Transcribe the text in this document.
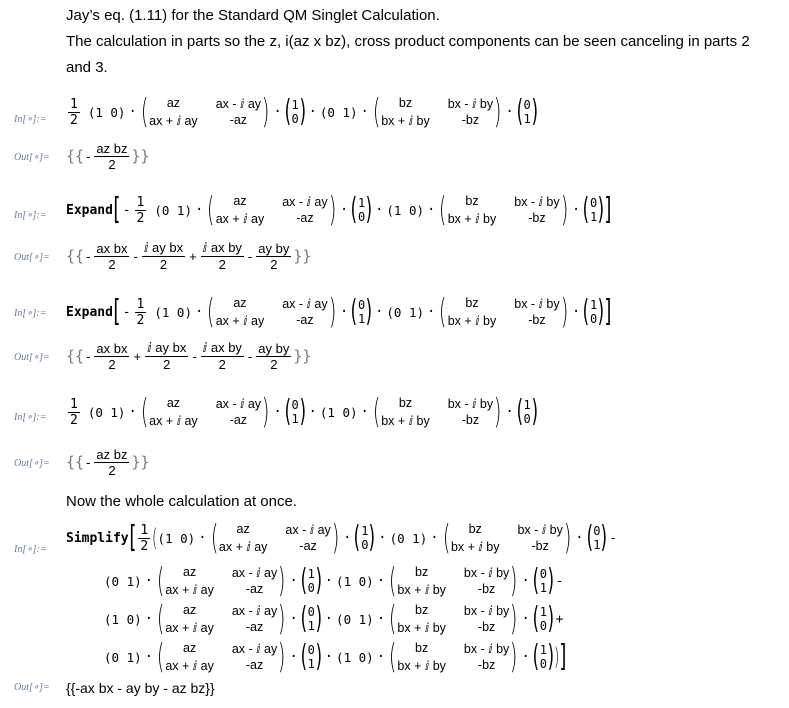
Jay’s eq. (1.11) for the Standard QM Singlet Calculation.
The calculation in parts so the z, i(az x bz), cross product components can be seen canceling in parts 2
and 3.
In[∘]:= $\frac{1}{2} (1$ 0) · (	az	ax - ⅈ ay
ax + ⅈ ay	-az ) · ( 1
0 ) · (0 1) · (	bz	bx - ⅈ by
bx + ⅈ by	-bz ) · ( 0
1 )
Out[∘]= {{ - $\frac{\text{az bz}}{2}$ }}
In[∘]:= Expand [ - $\frac{1}{2} (0$ 1) · (	az	ax - ⅈ ay
ax + ⅈ ay	-az ) · ( 1
0 ) · (1 0) · (	bz	bx - ⅈ by
bx + ⅈ by	-bz ) · ( 0
1 ) ]
Out[∘]= {{ - $\frac{\text{ax bx}}{2} - \frac{\text{ⅈ ay bx}}{2} + \frac{\text{ⅈ ax by}}{2} - \frac{\text{ay by}}{2}$ }}
In[∘]:= Expand [ - $\frac{1}{2} (1$ 0) · (	az	ax - ⅈ ay
ax + ⅈ ay	-az ) · ( 0
1 ) · (0 1) · (	bz	bx - ⅈ by
bx + ⅈ by	-bz ) · ( 1
0 ) ]
Out[∘]= {{ - $\frac{\text{ax bx}}{2} + \frac{\text{ⅈ ay bx}}{2} - \frac{\text{ⅈ ax by}}{2} - \frac{\text{ay by}}{2}$ }}
In[∘]:= $\frac{1}{2} (0$ 1) · (	az	ax - ⅈ ay
ax + ⅈ ay	-az ) · ( 0
1 ) · (1 0) · (	bz	bx - ⅈ by
bx + ⅈ by	-bz ) · ( 1
0 )
Out[∘]= {{ - $\frac{\text{az bz}}{2}$ }}
Now the whole calculation at once.
In[∘]:=
Simplify [ $\frac{1}{2}$ ( (1 0) · (	az	ax - ⅈ ay
ax + ⅈ ay	-az ) · ( 1
0 ) · (0 1) · (	bz	bx - ⅈ by
bx + ⅈ by	-bz ) · ( 0
1 ) -
(0 1) · (	az	ax - ⅈ ay
ax + ⅈ ay	-az ) · ( 1
0 ) · (1 0) · (	bz	bx - ⅈ by
bx + ⅈ by	-bz ) · ( 0
1 ) -
(1 0) · (	az	ax - ⅈ ay
ax + ⅈ ay	-az ) · ( 0
1 ) · (0 1) · (	bz	bx - ⅈ by
bx + ⅈ by	-bz ) · ( 1
0 ) +
(0 1) · (	az	ax - ⅈ ay
ax + ⅈ ay	-az ) · ( 0
1 ) · (1 0) · (	bz	bx - ⅈ by
bx + ⅈ by	-bz ) · ( 1
0 ) ) ]
Out[∘]= {{-ax bx - ay by - az bz}}
